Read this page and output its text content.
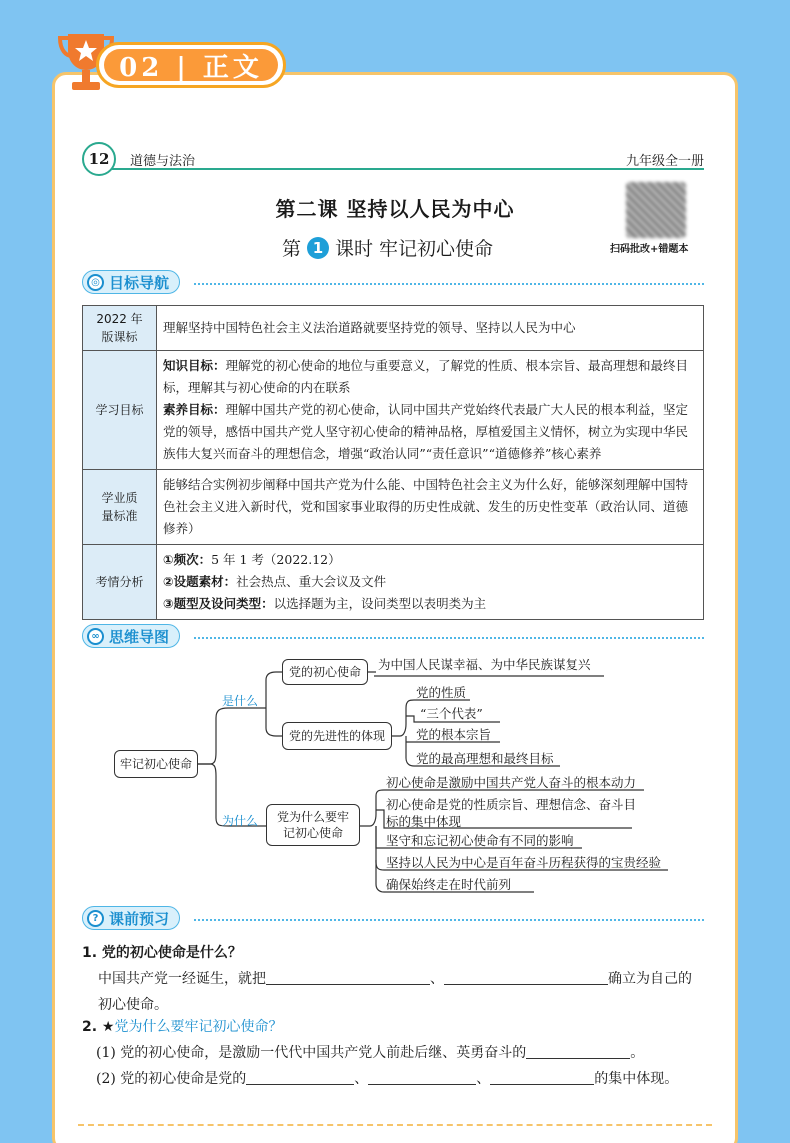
02 | 正文
12	道德与法治	九年级全一册
第二课 坚持以人民为中心
第 1 课时 牢记初心使命	扫码批改+错题本
◎ 目标导航
2022 年
版课标	理解坚持中国特色社会主义法治道路就要坚持党的领导、坚持以人民为中心
学习目标	知识目标：理解党的初心使命的地位与重要意义，了解党的性质、根本宗旨、最高理想和最终目标，理解其与初心使命的内在联系
素养目标：理解中国共产党的初心使命，认同中国共产党始终代表最广大人民的根本利益，坚定党的领导，感悟中国共产党人坚守初心使命的精神品格，厚植爱国主义情怀，树立为实现中华民族伟大复兴而奋斗的理想信念，增强“政治认同”“责任意识”“道德修养”核心素养
学业质
量标准	能够结合实例初步阐释中国共产党为什么能、中国特色社会主义为什么好，能够深刻理解中国特色社会主义进入新时代，党和国家事业取得的历史性成就、发生的历史性变革（政治认同、道德修养）
考情分析	①频次：5 年 1 考（2022.12）
②设题素材：社会热点、重大会议及文件
③题型及设问类型：以选择题为主，设问类型以表明类为主
∞ 思维导图
牢记初心使命
是什么
为什么
党的初心使命	为中国人民谋幸福、为中华民族谋复兴
党的先进性的体现
党的性质
“三个代表”
党的根本宗旨
党的最高理想和最终目标
党为什么要牢
记初心使命
初心使命是激励中国共产党人奋斗的根本动力
初心使命是党的性质宗旨、理想信念、奋斗目标的集中体现
坚守和忘记初心使命有不同的影响
坚持以人民为中心是百年奋斗历程获得的宝贵经验
确保始终走在时代前列
? 课前预习
1. 党的初心使命是什么？
中国共产党一经诞生，就把	、	确立为自己的
初心使命。
2. ★党为什么要牢记初心使命？
(1) 党的初心使命，是激励一代代中国共产党人前赴后继、英勇奋斗的	。
(2) 党的初心使命是党的	、	、	的集中体现。
